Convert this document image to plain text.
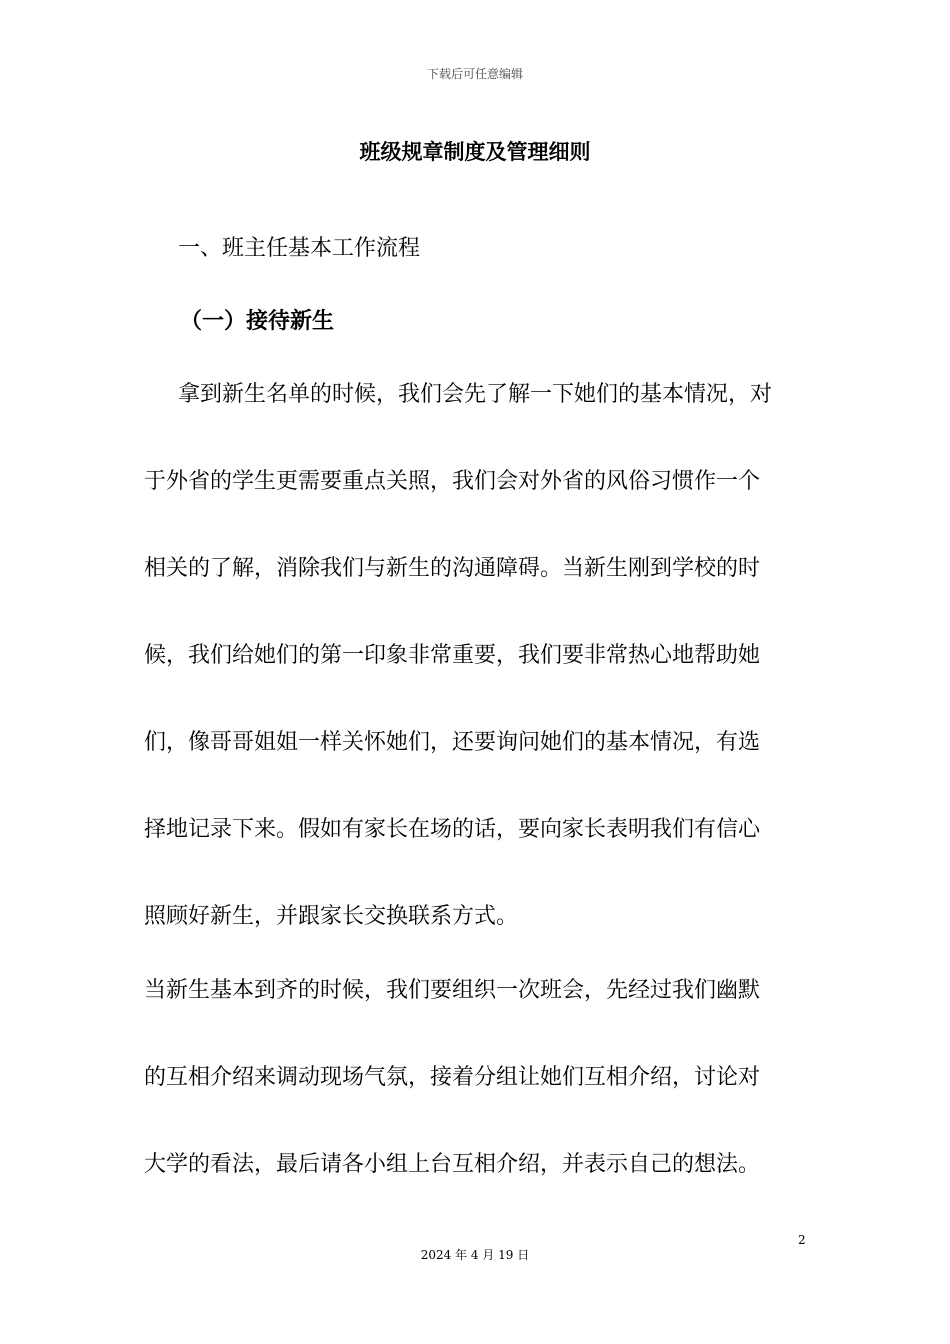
下载后可任意编辑
班级规章制度及管理细则
一、班主任基本工作流程
（一）接待新生
拿到新生名单的时候，我们会先了解一下她们的基本情况，对
于外省的学生更需要重点关照，我们会对外省的风俗习惯作一个
相关的了解，消除我们与新生的沟通障碍。当新生刚到学校的时
候，我们给她们的第一印象非常重要，我们要非常热心地帮助她
们，像哥哥姐姐一样关怀她们，还要询问她们的基本情况，有选
择地记录下来。假如有家长在场的话，要向家长表明我们有信心
照顾好新生，并跟家长交换联系方式。
当新生基本到齐的时候，我们要组织一次班会，先经过我们幽默
的互相介绍来调动现场气氛，接着分组让她们互相介绍，讨论对
大学的看法，最后请各小组上台互相介绍，并表示自己的想法。
2
2024 年 4 月 19 日
